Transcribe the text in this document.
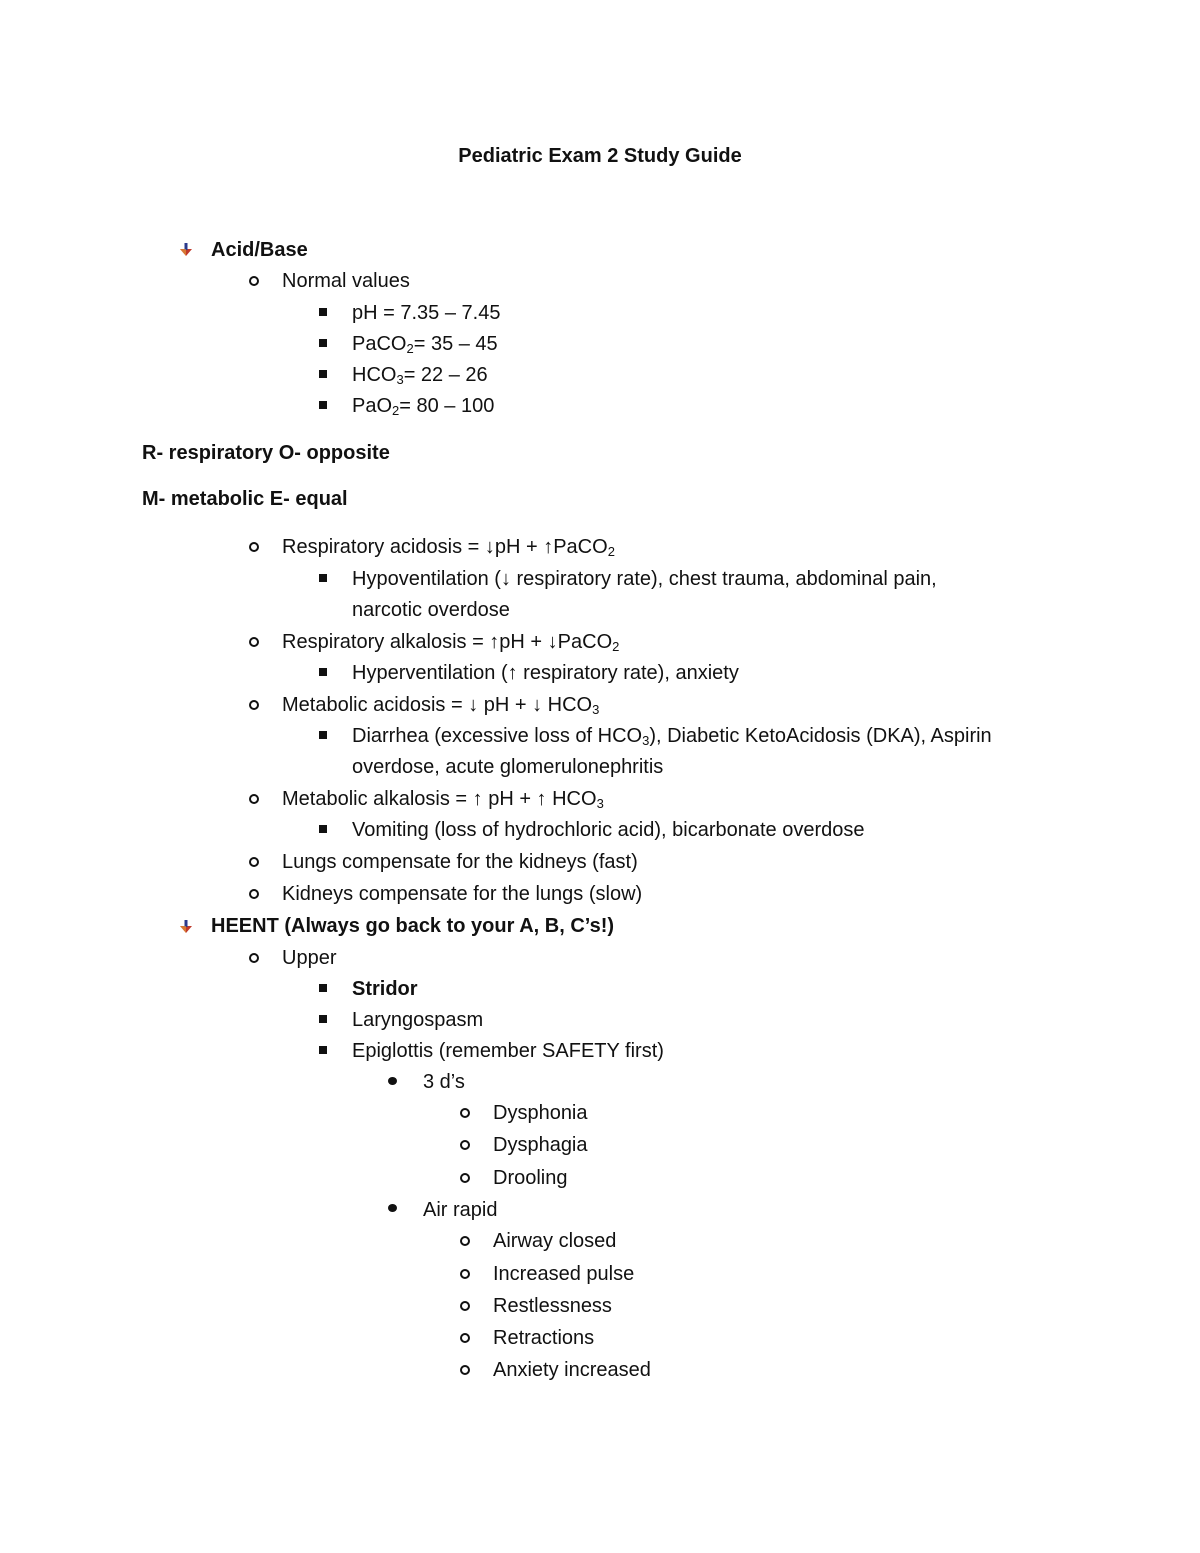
Pediatric Exam 2 Study Guide
Acid/Base
Normal values
pH = 7.35 – 7.45
PaCO$_2$= 35 – 45
$HCO_3= 22 - 26$
PaO$_2$= 80 – 100
R- respiratory O- opposite
M- metabolic E- equal
Respiratory acidosis = ↓pH + ↑PaCO$_2$
Hypoventilation (↓ respiratory rate), chest trauma, abdominal pain,
narcotic overdose
Respiratory alkalosis = ↑pH + ↓PaCO$_2$
Hyperventilation (↑ respiratory rate), anxiety
Metabolic acidosis = ↓ pH + ↓ $HCO_3$
Diarrhea (excessive loss of $HCO_3$), Diabetic KetoAcidosis (DKA), Aspirin
overdose, acute glomerulonephritis
Metabolic alkalosis = ↑ pH + ↑ $HCO_3$
Vomiting (loss of hydrochloric acid), bicarbonate overdose
Lungs compensate for the kidneys (fast)
Kidneys compensate for the lungs (slow)
HEENT (Always go back to your A, B, C’s!)
Upper
Stridor
Laryngospasm
Epiglottis (remember SAFETY first)
3 d’s
Dysphonia
Dysphagia
Drooling
Air rapid
Airway closed
Increased pulse
Restlessness
Retractions
Anxiety increased
